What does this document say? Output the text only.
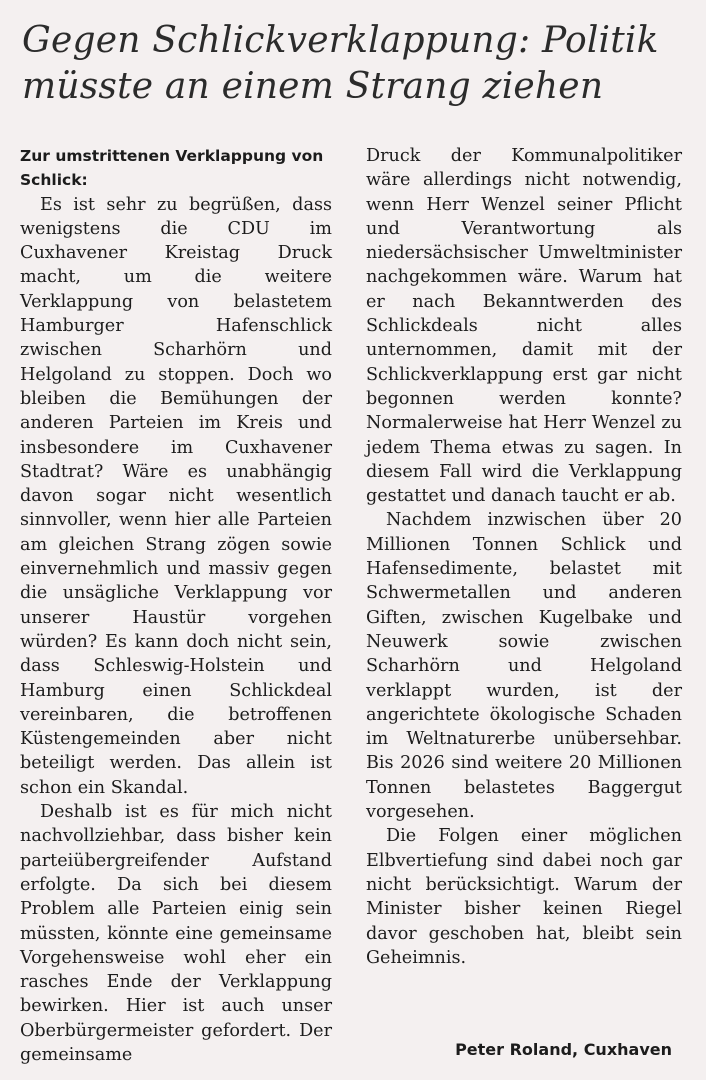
Gegen Schlickverklappung: Politik müsste an einem Strang ziehen
Zur umstrittenen Verklappung von Schlick:

Es ist sehr zu begrüßen, dass wenigstens die CDU im Cuxhavener Kreistag Druck macht, um die weitere Verklappung von belastetem Hamburger Hafenschlick zwischen Scharhörn und Helgoland zu stoppen. Doch wo bleiben die Bemühungen der anderen Parteien im Kreis und insbesondere im Cuxhavener Stadtrat? Wäre es unabhängig davon sogar nicht wesentlich sinnvoller, wenn hier alle Parteien am gleichen Strang zögen sowie einvernehmlich und massiv gegen die unsägliche Verklappung vor unserer Haustür vorgehen würden? Es kann doch nicht sein, dass Schleswig-Holstein und Hamburg einen Schlickdeal vereinbaren, die betroffenen Küstengemeinden aber nicht beteiligt werden. Das allein ist schon ein Skandal.

Deshalb ist es für mich nicht nachvollziehbar, dass bisher kein parteiübergreifender Aufstand erfolgte. Da sich bei diesem Problem alle Parteien einig sein müssten, könnte eine gemeinsame Vorgehensweise wohl eher ein rasches Ende der Verklappung bewirken. Hier ist auch unser Oberbürgermeister gefordert. Der gemeinsame

Druck der Kommunalpolitiker wäre allerdings nicht notwendig, wenn Herr Wenzel seiner Pflicht und Verantwortung als niedersächsischer Umweltminister nachgekommen wäre. Warum hat er nach Bekanntwerden des Schlickdeals nicht alles unternommen, damit mit der Schlickverklappung erst gar nicht begonnen werden konnte? Normalerweise hat Herr Wenzel zu jedem Thema etwas zu sagen. In diesem Fall wird die Verklappung gestattet und danach taucht er ab.

Nachdem inzwischen über 20 Millionen Tonnen Schlick und Hafensedimente, belastet mit Schwermetallen und anderen Giften, zwischen Kugelbake und Neuwerk sowie zwischen Scharhörn und Helgoland verklappt wurden, ist der angerichtete ökologische Schaden im Weltnaturerbe unübersehbar. Bis 2026 sind weitere 20 Millionen Tonnen belastetes Baggergut vorgesehen.

Die Folgen einer möglichen Elbvertiefung sind dabei noch gar nicht berücksichtigt. Warum der Minister bisher keinen Riegel davor geschoben hat, bleibt sein Geheimnis.

Peter Roland, Cuxhaven
